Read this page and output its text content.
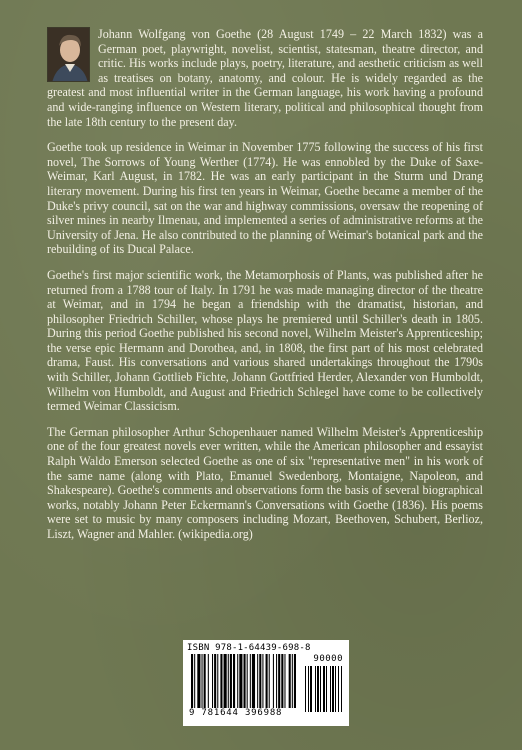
Johann Wolfgang von Goethe (28 August 1749 – 22 March 1832) was a German poet, playwright, novelist, scientist, statesman, theatre director, and critic. His works include plays, poetry, literature, and aesthetic criticism as well as treatises on botany, anatomy, and colour. He is widely regarded as the greatest and most influential writer in the German language, his work having a profound and wide-ranging influence on Western literary, political and philosophical thought from the late 18th century to the present day.

Goethe took up residence in Weimar in November 1775 following the success of his first novel, The Sorrows of Young Werther (1774). He was ennobled by the Duke of Saxe-Weimar, Karl August, in 1782. He was an early participant in the Sturm und Drang literary movement. During his first ten years in Weimar, Goethe became a member of the Duke's privy council, sat on the war and highway commissions, oversaw the reopening of silver mines in nearby Ilmenau, and implemented a series of administrative reforms at the University of Jena. He also contributed to the planning of Weimar's botanical park and the rebuilding of its Ducal Palace.

Goethe's first major scientific work, the Metamorphosis of Plants, was published after he returned from a 1788 tour of Italy. In 1791 he was made managing director of the theatre at Weimar, and in 1794 he began a friendship with the dramatist, historian, and philosopher Friedrich Schiller, whose plays he premiered until Schiller's death in 1805. During this period Goethe published his second novel, Wilhelm Meister's Apprenticeship; the verse epic Hermann and Dorothea, and, in 1808, the first part of his most celebrated drama, Faust. His conversations and various shared undertakings throughout the 1790s with Schiller, Johann Gottlieb Fichte, Johann Gottfried Herder, Alexander von Humboldt, Wilhelm von Humboldt, and August and Friedrich Schlegel have come to be collectively termed Weimar Classicism.

The German philosopher Arthur Schopenhauer named Wilhelm Meister's Apprenticeship one of the four greatest novels ever written, while the American philosopher and essayist Ralph Waldo Emerson selected Goethe as one of six "representative men" in his work of the same name (along with Plato, Emanuel Swedenborg, Montaigne, Napoleon, and Shakespeare). Goethe's comments and observations form the basis of several biographical works, notably Johann Peter Eckermann's Conversations with Goethe (1836). His poems were set to music by many composers including Mozart, Beethoven, Schubert, Berlioz, Liszt, Wagner and Mahler. (wikipedia.org)

ISBN 978-1-64439-698-8
90000
9 781644 396988
